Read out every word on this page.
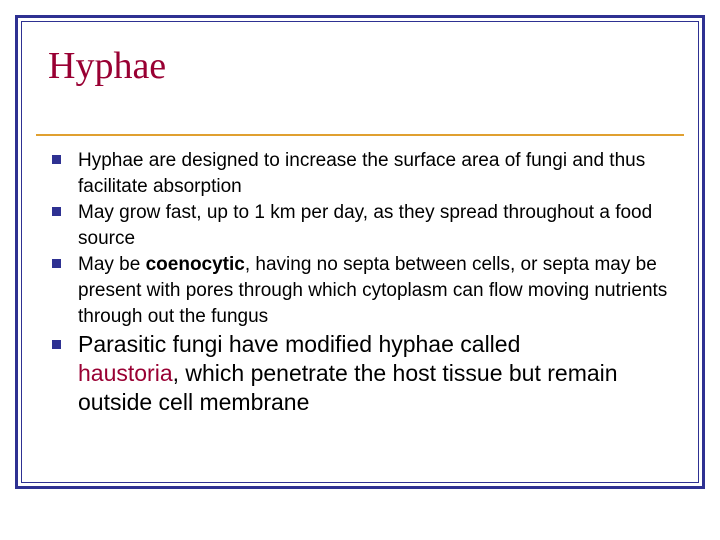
Hyphae
Hyphae are designed to increase the surface area of fungi and thus facilitate absorption
May grow fast, up to 1 km per day, as they spread throughout a food source
May be coenocytic, having no septa between cells, or septa may be present with pores through which cytoplasm can flow moving nutrients through out the fungus
Parasitic fungi have modified hyphae called
haustoria, which penetrate the host tissue but remain outside cell membrane
